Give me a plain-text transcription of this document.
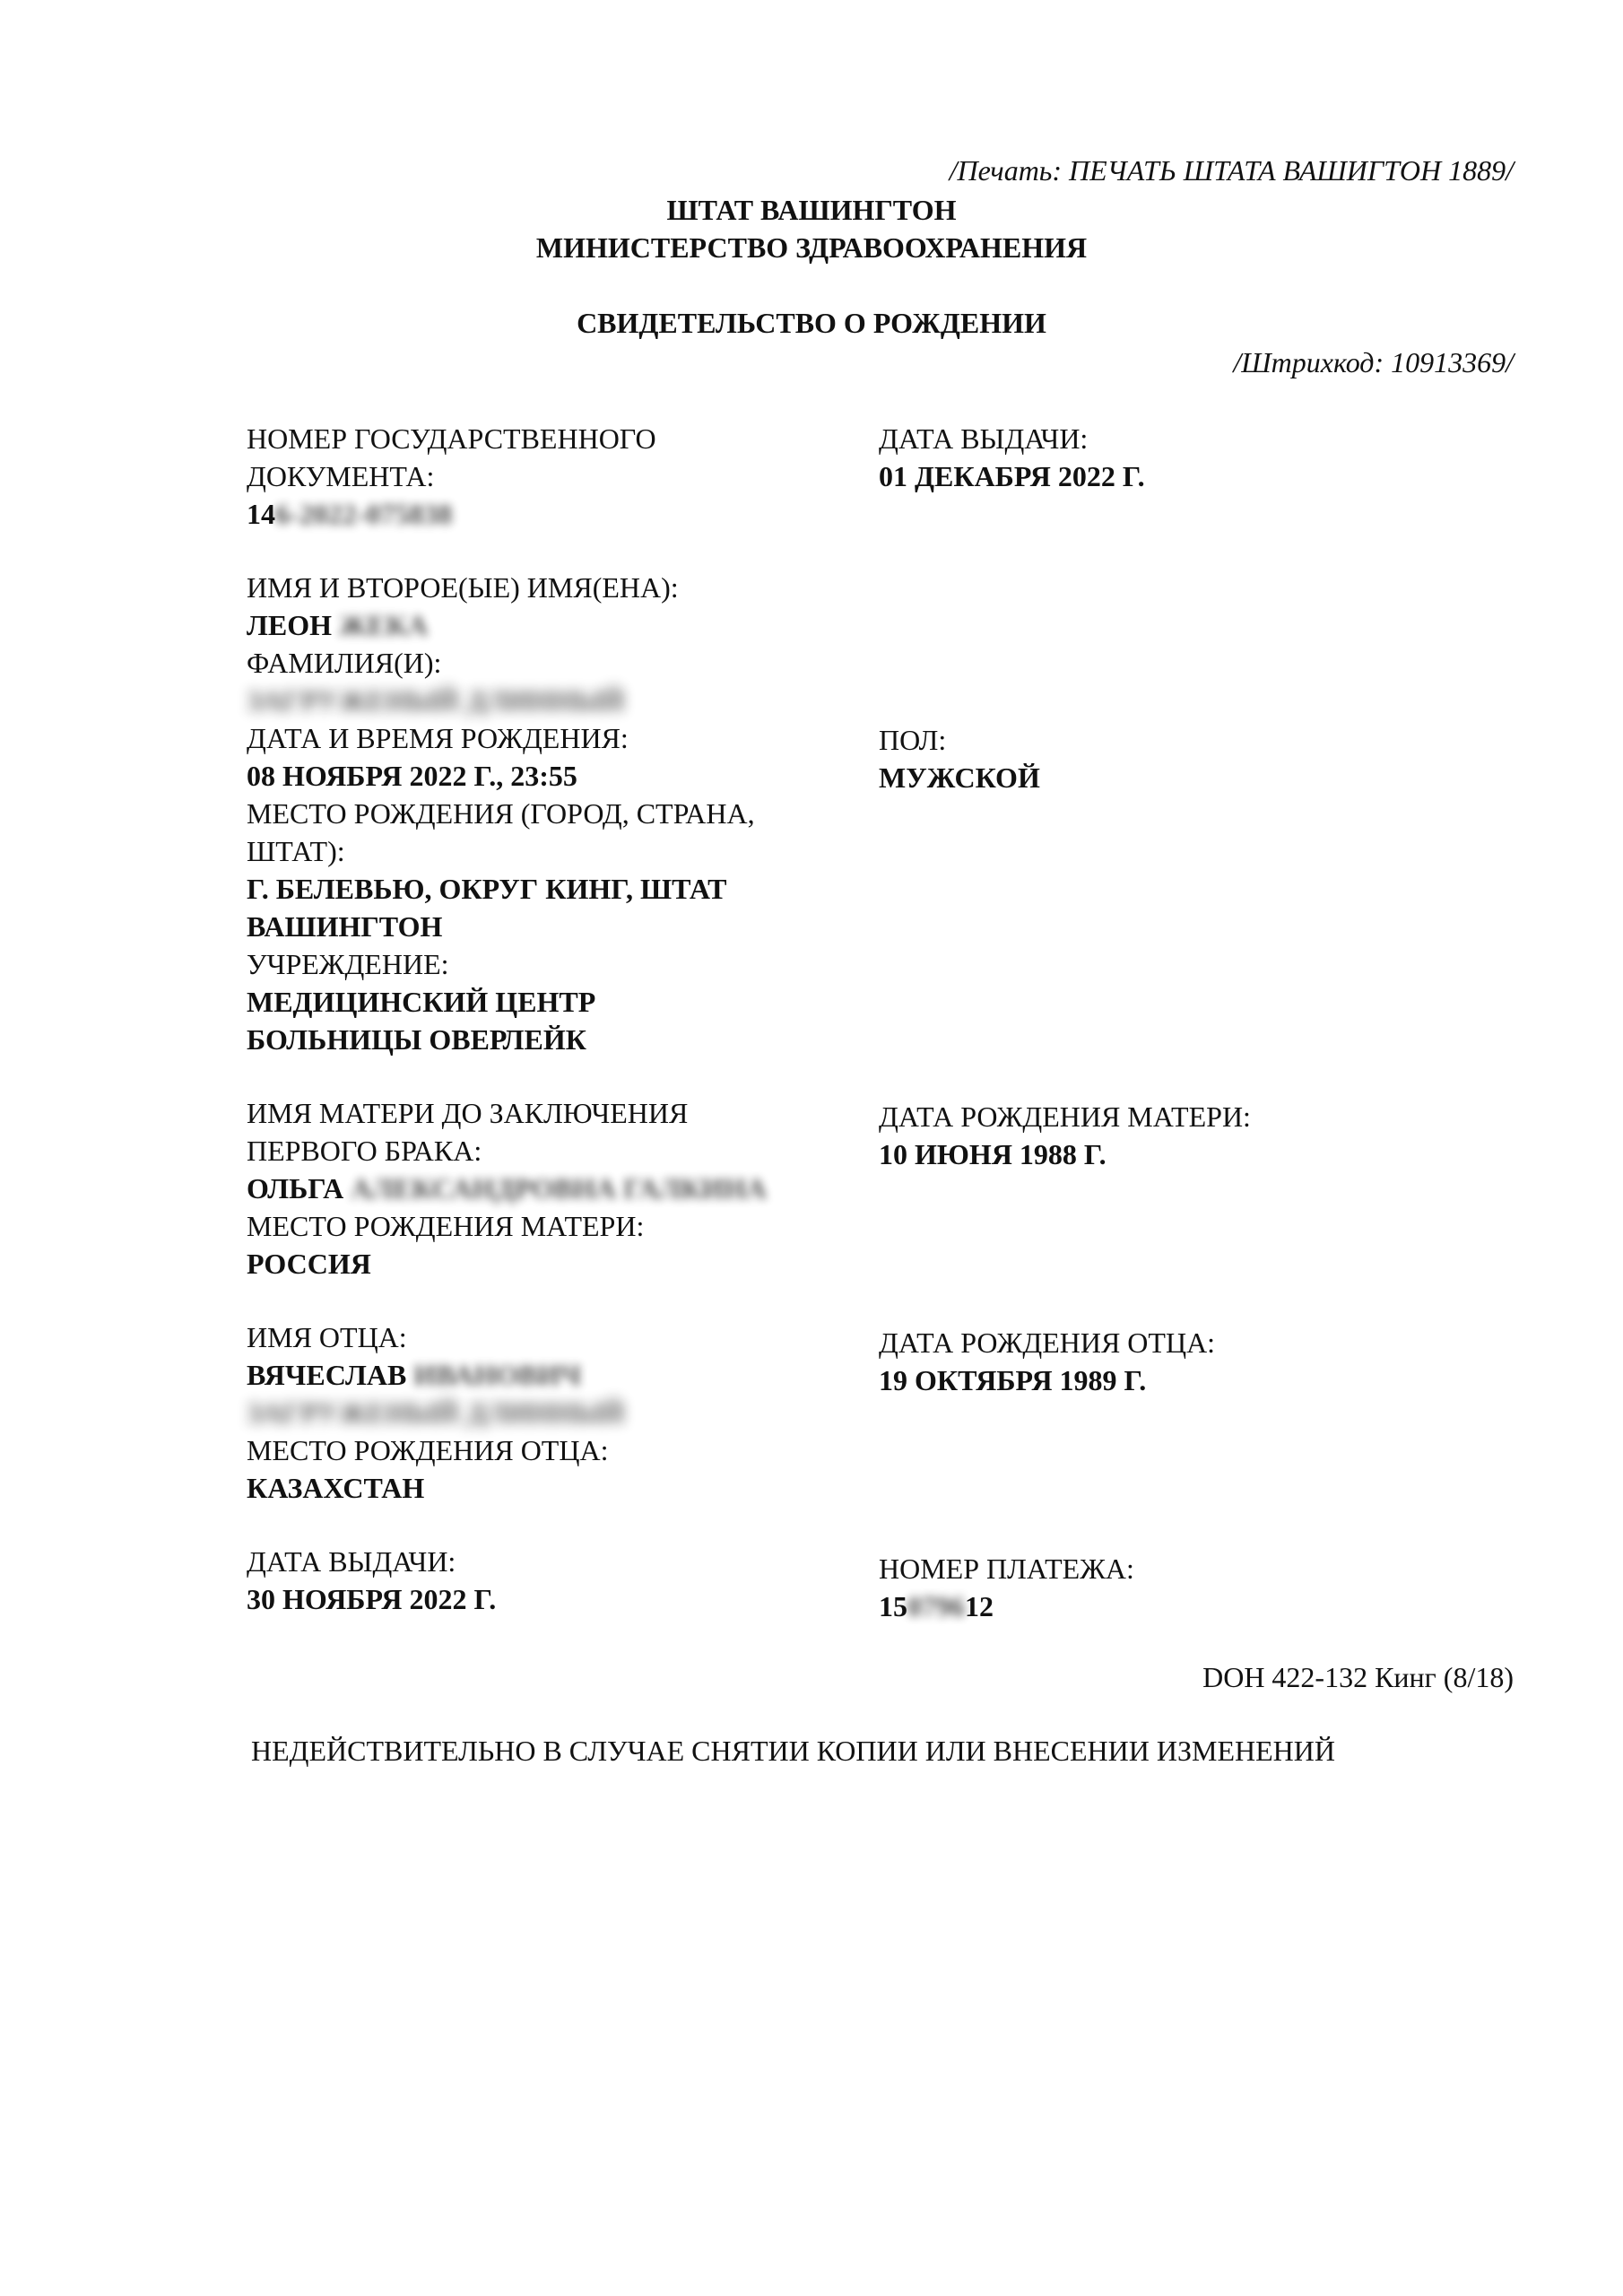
/Печать: ПЕЧАТЬ ШТАТА ВАШИГТОН 1889/
ШТАТ ВАШИНГТОН
МИНИСТЕРСТВО ЗДРАВООХРАНЕНИЯ
СВИДЕТЕЛЬСТВО О РОЖДЕНИИ
/Штрихкод: 10913369/
НОМЕР ГОСУДАРСТВЕННОГО
ДОКУМЕНТА:
146-2022-075838
ИМЯ И ВТОРОЕ(ЫЕ) ИМЯ(ЕНА):
ЛЕОН ЖЕКА
ФАМИЛИЯ(И):
ЗАГРУЖЕНЫЙ ДЛИННЫЙ
ДАТА И ВРЕМЯ РОЖДЕНИЯ:
08 НОЯБРЯ 2022 Г., 23:55
МЕСТО РОЖДЕНИЯ (ГОРОД, СТРАНА,
ШТАТ):
Г. БЕЛЕВЬЮ, ОКРУГ КИНГ, ШТАТ
ВАШИНГТОН
УЧРЕЖДЕНИЕ:
МЕДИЦИНСКИЙ ЦЕНТР
БОЛЬНИЦЫ ОВЕРЛЕЙК
ИМЯ МАТЕРИ ДО ЗАКЛЮЧЕНИЯ
ПЕРВОГО БРАКА:
ОЛЬГА АЛЕКСАНДРОВНА ГАЛКИНА
МЕСТО РОЖДЕНИЯ МАТЕРИ:
РОССИЯ
ИМЯ ОТЦА:
ВЯЧЕСЛАВ ИВАНОВИЧ
ЗАГРУЖЕНЫЙ ДЛИННЫЙ
МЕСТО РОЖДЕНИЯ ОТЦА:
КАЗАХСТАН
ДАТА ВЫДАЧИ:
30 НОЯБРЯ 2022 Г.
ДАТА ВЫДАЧИ:
01 ДЕКАБРЯ 2022 Г.
ПОЛ:
МУЖСКОЙ
ДАТА РОЖДЕНИЯ МАТЕРИ:
10 ИЮНЯ 1988 Г.
ДАТА РОЖДЕНИЯ ОТЦА:
19 ОКТЯБРЯ 1989 Г.
НОМЕР ПЛАТЕЖА:
15079612
DOH 422-132 Кинг (8/18)
НЕДЕЙСТВИТЕЛЬНО В СЛУЧАЕ СНЯТИИ КОПИИ ИЛИ ВНЕСЕНИИ ИЗМЕНЕНИЙ
